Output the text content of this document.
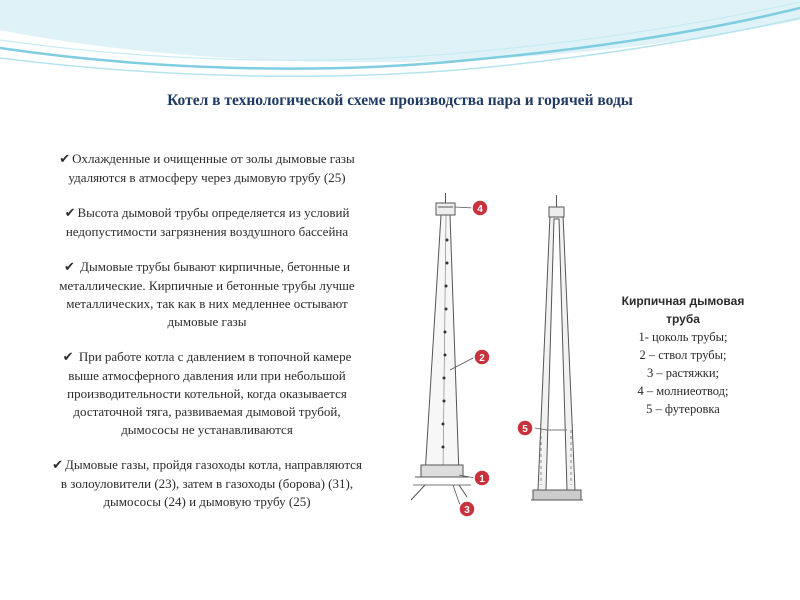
Котел в технологической схеме производства пара и горячей воды
✔ Охлажденные и очищенные от золы дымовые газы
удаляются в атмосферу через дымовую трубу (25)
✔ Высота дымовой трубы определяется из условий
недопустимости загрязнения воздушного бассейна
✔ Дымовые трубы бывают кирпичные, бетонные и
металлические. Кирпичные и бетонные трубы лучше
металлических, так как в них медленнее остывают
дымовые газы
✔ При работе котла с давлением в топочной камере
выше атмосферного давления или при небольшой
производительности котельной, когда оказывается
достаточной тяга, развиваемая дымовой трубой,
дымососы не устанавливаются
✔ Дымовые газы, пройдя газоходы котла, направляются
в золоуловители (23), затем в газоходы (борова) (31),
дымососы (24) и дымовую трубу (25)
4
2
1
3
5
Кирпичная дымовая
труба
1- цоколь трубы;
2 – ствол трубы;
3 – растяжки;
4 – молниеотвод;
5 – футеровка
